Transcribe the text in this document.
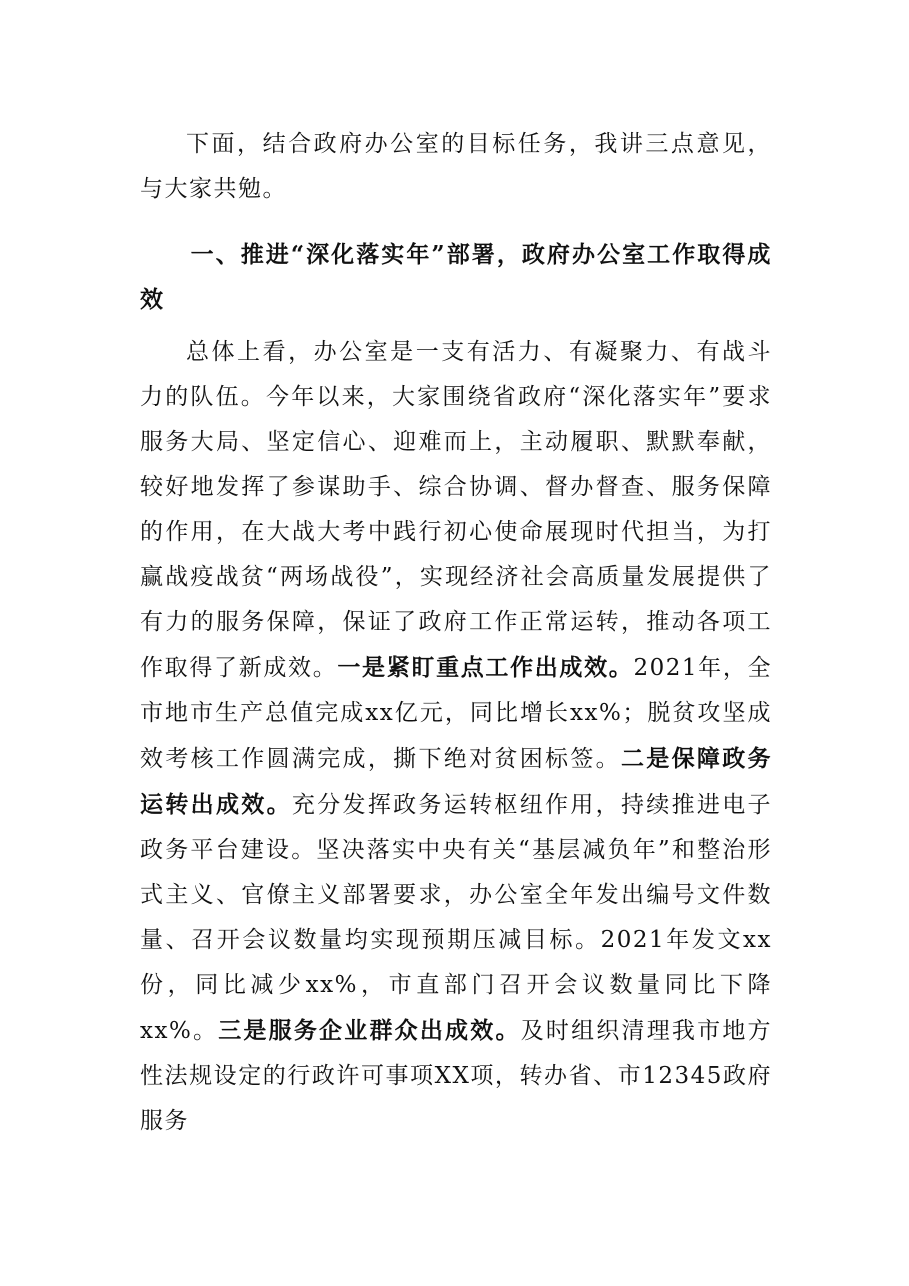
下面，结合政府办公室的目标任务，我讲三点意见，与大家共勉。

一、推进“深化落实年”部署，政府办公室工作取得成效

总体上看，办公室是一支有活力、有凝聚力、有战斗力的队伍。今年以来，大家围绕省政府“深化落实年”要求服务大局、坚定信心、迎难而上，主动履职、默默奉献，较好地发挥了参谋助手、综合协调、督办督查、服务保障的作用，在大战大考中践行初心使命展现时代担当，为打赢战疫战贫“两场战役”，实现经济社会高质量发展提供了有力的服务保障，保证了政府工作正常运转，推动各项工作取得了新成效。一是紧盯重点工作出成效。2021年，全市地市生产总值完成xx亿元，同比增长xx%；脱贫攻坚成效考核工作圆满完成，撕下绝对贫困标签。二是保障政务运转出成效。充分发挥政务运转枢纽作用，持续推进电子政务平台建设。坚决落实中央有关“基层减负年”和整治形式主义、官僚主义部署要求，办公室全年发出编号文件数量、召开会议数量均实现预期压减目标。2021年发文xx份，同比减少xx%，市直部门召开会议数量同比下降xx%。三是服务企业群众出成效。及时组织清理我市地方性法规设定的行政许可事项XX项，转办省、市12345政府服务
